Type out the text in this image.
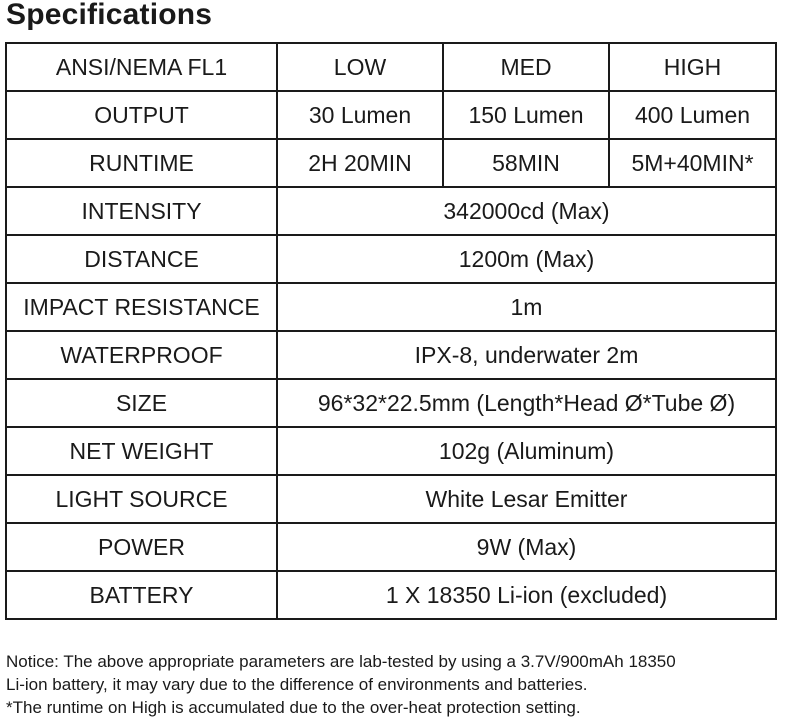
Specifications
ANSI/NEMA FL1	LOW	MED	HIGH
OUTPUT	30 Lumen	150 Lumen	400 Lumen
RUNTIME	2H 20MIN	58MIN	5M+40MIN*
INTENSITY	342000cd (Max)		
DISTANCE	1200m (Max)		
IMPACT RESISTANCE	1m		
WATERPROOF	IPX-8, underwater 2m		
SIZE	96*32*22.5mm (Length*Head Ø*Tube Ø)		
NET WEIGHT	102g (Aluminum)		
LIGHT SOURCE	White Lesar Emitter		
POWER	9W (Max)		
BATTERY	1 X 18350 Li-ion (excluded)		

Notice: The above appropriate parameters are lab-tested by using a 3.7V/900mAh 18350

Li-ion battery, it may vary due to the difference of environments and batteries.

*The runtime on High is accumulated due to the over-heat protection setting.
